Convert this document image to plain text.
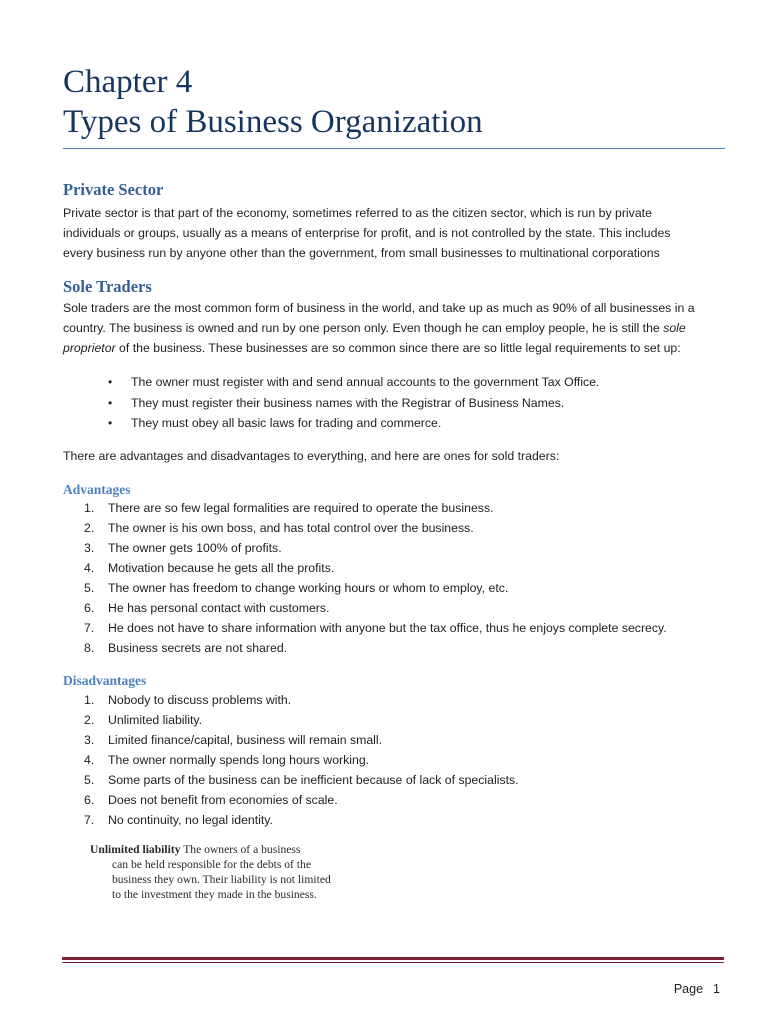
Chapter 4

Types of Business Organization

Private Sector
Private sector is that part of the economy, sometimes referred to as the citizen sector, which is run by private
individuals or groups, usually as a means of enterprise for profit, and is not controlled by the state. This includes
every business run by anyone other than the government, from small businesses to multinational corporations
Sole Traders
Sole traders are the most common form of business in the world, and take up as much as 90% of all businesses in a
country. The business is owned and run by one person only. Even though he can employ people, he is still the sole
proprietor of the business. These businesses are so common since there are so little legal requirements to set up:
• The owner must register with and send annual accounts to the government Tax Office.
• They must register their business names with the Registrar of Business Names.
• They must obey all basic laws for trading and commerce.
There are advantages and disadvantages to everything, and here are ones for sold traders:
Advantages
1. There are so few legal formalities are required to operate the business.
2. The owner is his own boss, and has total control over the business.
3. The owner gets 100% of profits.
4. Motivation because he gets all the profits.
5. The owner has freedom to change working hours or whom to employ, etc.
6. He has personal contact with customers.
7. He does not have to share information with anyone but the tax office, thus he enjoys complete secrecy.
8. Business secrets are not shared.
Disadvantages
1. Nobody to discuss problems with.
2. Unlimited liability.
3. Limited finance/capital, business will remain small.
4. The owner normally spends long hours working.
5. Some parts of the business can be inefficient because of lack of specialists.
6. Does not benefit from economies of scale.
7. No continuity, no legal identity.
Unlimited liability The owners of a business
can be held responsible for the debts of the
business they own. Their liability is not limited
to the investment they made in the business.
Page 1
